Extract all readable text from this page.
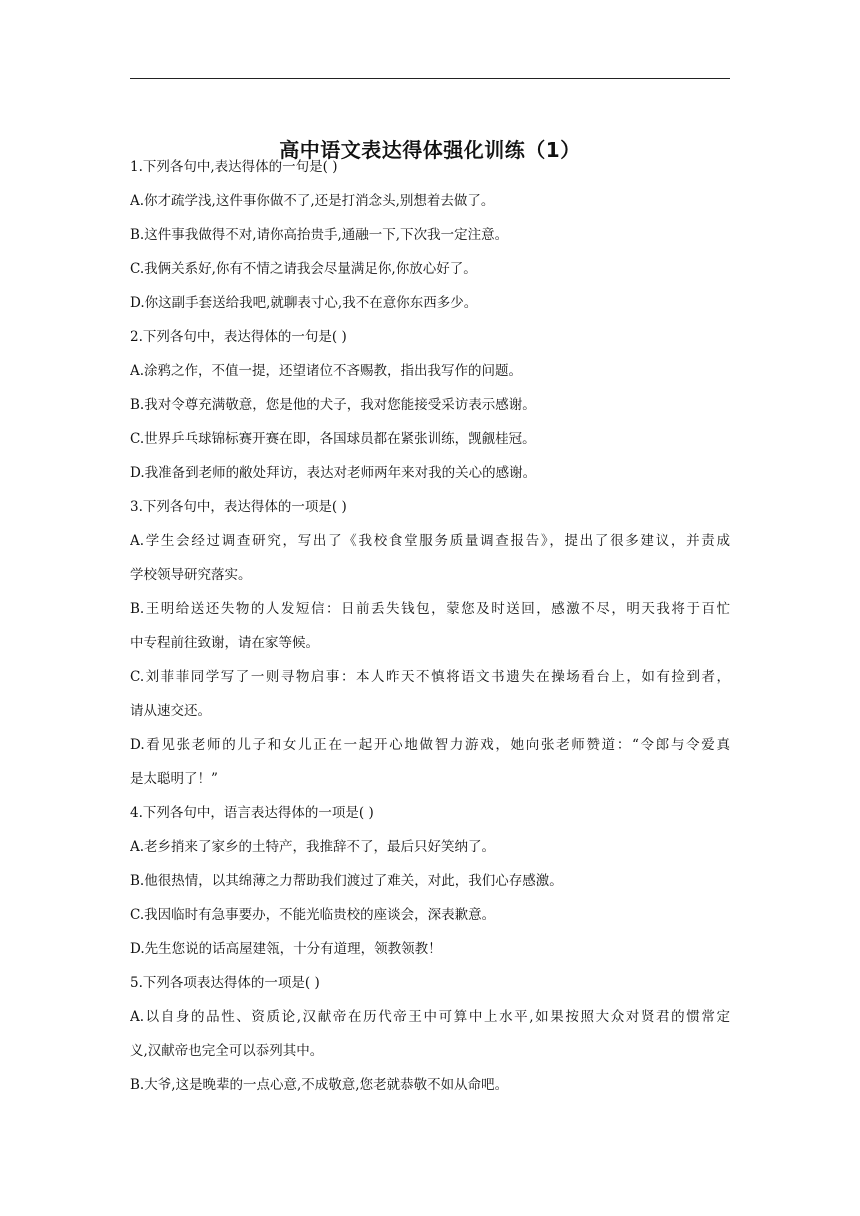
高中语文表达得体强化训练（1）
1.下列各句中,表达得体的一句是( )
A.你才疏学浅,这件事你做不了,还是打消念头,别想着去做了。
B.这件事我做得不对,请你高抬贵手,通融一下,下次我一定注意。
C.我俩关系好,你有不情之请我会尽量满足你,你放心好了。
D.你这副手套送给我吧,就聊表寸心,我不在意你东西多少。
2.下列各句中，表达得体的一句是( )
A.涂鸦之作，不值一提，还望诸位不吝赐教，指出我写作的问题。
B.我对令尊充满敬意，您是他的犬子，我对您能接受采访表示感谢。
C.世界乒乓球锦标赛开赛在即，各国球员都在紧张训练，觊觎桂冠。
D.我准备到老师的敝处拜访，表达对老师两年来对我的关心的感谢。
3.下列各句中，表达得体的一项是( )
A.学生会经过调查研究，写出了《我校食堂服务质量调查报告》，提出了很多建议，并责成
学校领导研究落实。
B.王明给送还失物的人发短信：日前丢失钱包，蒙您及时送回，感激不尽，明天我将于百忙
中专程前往致谢，请在家等候。
C.刘菲菲同学写了一则寻物启事：本人昨天不慎将语文书遗失在操场看台上，如有捡到者，
请从速交还。
D.看见张老师的儿子和女儿正在一起开心地做智力游戏，她向张老师赞道：“令郎与令爱真
是太聪明了！”
4.下列各句中，语言表达得体的一项是( )
A.老乡捎来了家乡的土特产，我推辞不了，最后只好笑纳了。
B.他很热情，以其绵薄之力帮助我们渡过了难关，对此，我们心存感激。
C.我因临时有急事要办，不能光临贵校的座谈会，深表歉意。
D.先生您说的话高屋建瓴，十分有道理，领教领教！
5.下列各项表达得体的一项是( )
A.以自身的品性、资质论,汉献帝在历代帝王中可算中上水平,如果按照大众对贤君的惯常定
义,汉献帝也完全可以忝列其中。
B.大爷,这是晚辈的一点心意,不成敬意,您老就恭敬不如从命吧。
